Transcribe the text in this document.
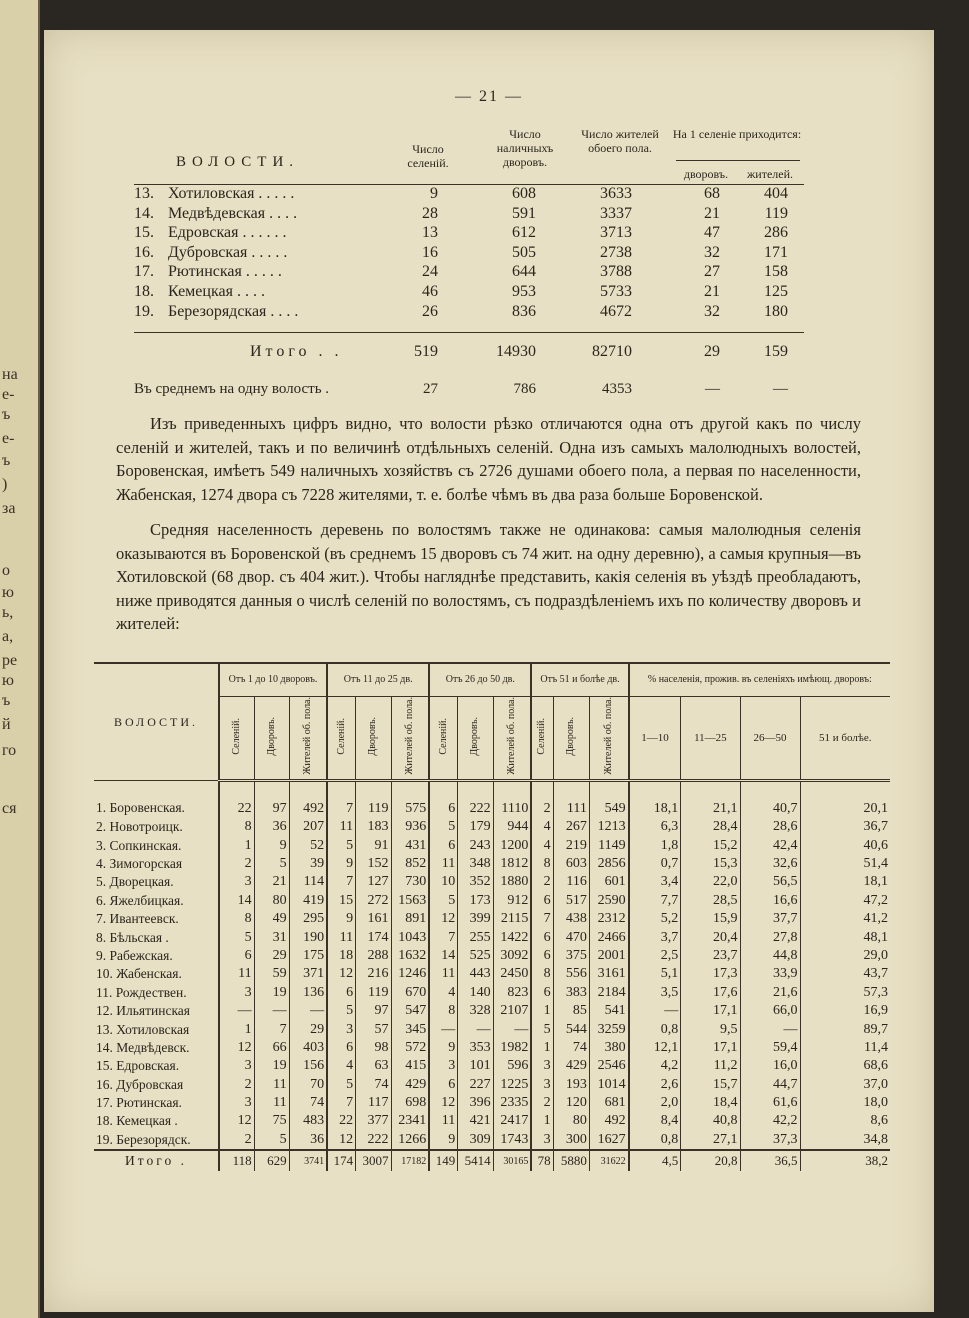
на
е-
ъ
е-
ъ
)
за
о
ю
ь,
а,
ре
ю
ъ
й
го
ся
— 21 —
ВОЛОСТИ.
Число селеній.
Число наличныхъ дворовъ.
Число жителей обоего пола.
На 1 селеніе приходится:
дворовъ.	жителей.
13. Хотиловская . . . . .	9	608	3633	68	404
14. Медвѣдевская . . . .	28	591	3337	21	119
15. Едровская . . . . . .	13	612	3713	47	286
16. Дубровская . . . . .	16	505	2738	32	171
17. Рютинская . . . . .	24	644	3788	27	158
18. Кемецкая . . . .	46	953	5733	21	125
19. Березорядская . . . .	26	836	4672	32	180
Итого . .	519	14930	82710	29	159
Въ среднемъ на одну волость .	27	786	4353	—	—

Изъ приведенныхъ цифръ видно, что волости рѣзко отличаются одна отъ другой какъ по числу селеній и жителей, такъ и по величинѣ отдѣльныхъ селеній. Одна изъ самыхъ малолюдныхъ волостей, Боровенская, имѣетъ 549 наличныхъ хозяйствъ съ 2726 душами обоего пола, а первая по населенности, Жабенская, 1274 двора съ 7228 жителями, т. е. болѣе чѣмъ въ два раза больше Боровенской.

Средняя населенность деревень по волостямъ также не одинакова: самыя малолюдныя селенія оказываются въ Боровенской (въ среднемъ 15 дворовъ съ 74 жит. на одну деревню), а самыя крупныя—въ Хотиловской (68 двор. съ 404 жит.). Чтобы нагляднѣе представить, какія селенія въ уѣздѣ преобладаютъ, ниже приводятся данныя о числѣ селеній по волостямъ, съ подраздѣленіемъ ихъ по количеству дворовъ и жителей:

ВОЛОСТИ.	Отъ 1 до 10 дворовъ.			Отъ 11 до 25 дв.			Отъ 26 до 50 дв.			Отъ 51 и болѣе дв.			% населенія, прожив. въ селеніяхъ имѣющ. дворовъ:			
	Селеній.	Дворовъ.	Жителей об. пола.	Селеній.	Дворовъ.	Жителей об. пола.	Селеній.	Дворовъ.	Жителей об. пола.	Селеній.	Дворовъ.	Жителей об. пола.	1—10	11—25	26—50	51 и болѣе.
1. Боровенская.	22	97	492	7	119	575	6	222	1110	2	111	549	18,1	21,1	40,7	20,1
2. Новотроицк.	8	36	207	11	183	936	5	179	944	4	267	1213	6,3	28,4	28,6	36,7
3. Сопкинская.	1	9	52	5	91	431	6	243	1200	4	219	1149	1,8	15,2	42,4	40,6
4. Зимогорская	2	5	39	9	152	852	11	348	1812	8	603	2856	0,7	15,3	32,6	51,4
5. Дворецкая.	3	21	114	7	127	730	10	352	1880	2	116	601	3,4	22,0	56,5	18,1
6. Яжелбицкая.	14	80	419	15	272	1563	5	173	912	6	517	2590	7,7	28,5	16,6	47,2
7. Ивантеевск.	8	49	295	9	161	891	12	399	2115	7	438	2312	5,2	15,9	37,7	41,2
8. Бѣльская .	5	31	190	11	174	1043	7	255	1422	6	470	2466	3,7	20,4	27,8	48,1
9. Рабежская.	6	29	175	18	288	1632	14	525	3092	6	375	2001	2,5	23,7	44,8	29,0
10. Жабенская.	11	59	371	12	216	1246	11	443	2450	8	556	3161	5,1	17,3	33,9	43,7
11. Рождествен.	3	19	136	6	119	670	4	140	823	6	383	2184	3,5	17,6	21,6	57,3
12. Ильятинская	—	—	—	5	97	547	8	328	2107	1	85	541	—	17,1	66,0	16,9
13. Хотиловская	1	7	29	3	57	345	—	—	—	5	544	3259	0,8	9,5	—	89,7
14. Медвѣдевск.	12	66	403	6	98	572	9	353	1982	1	74	380	12,1	17,1	59,4	11,4
15. Едровская.	3	19	156	4	63	415	3	101	596	3	429	2546	4,2	11,2	16,0	68,6
16. Дубровская	2	11	70	5	74	429	6	227	1225	3	193	1014	2,6	15,7	44,7	37,0
17. Рютинская.	3	11	74	7	117	698	12	396	2335	2	120	681	2,0	18,4	61,6	18,0
18. Кемецкая .	12	75	483	22	377	2341	11	421	2417	1	80	492	8,4	40,8	42,2	8,6
19. Березорядск.	2	5	36	12	222	1266	9	309	1743	3	300	1627	0,8	27,1	37,3	34,8
Итого .	118	629	3741	174	3007	17182	149	5414	30165	78	5880	31622	4,5	20,8	36,5	38,2
